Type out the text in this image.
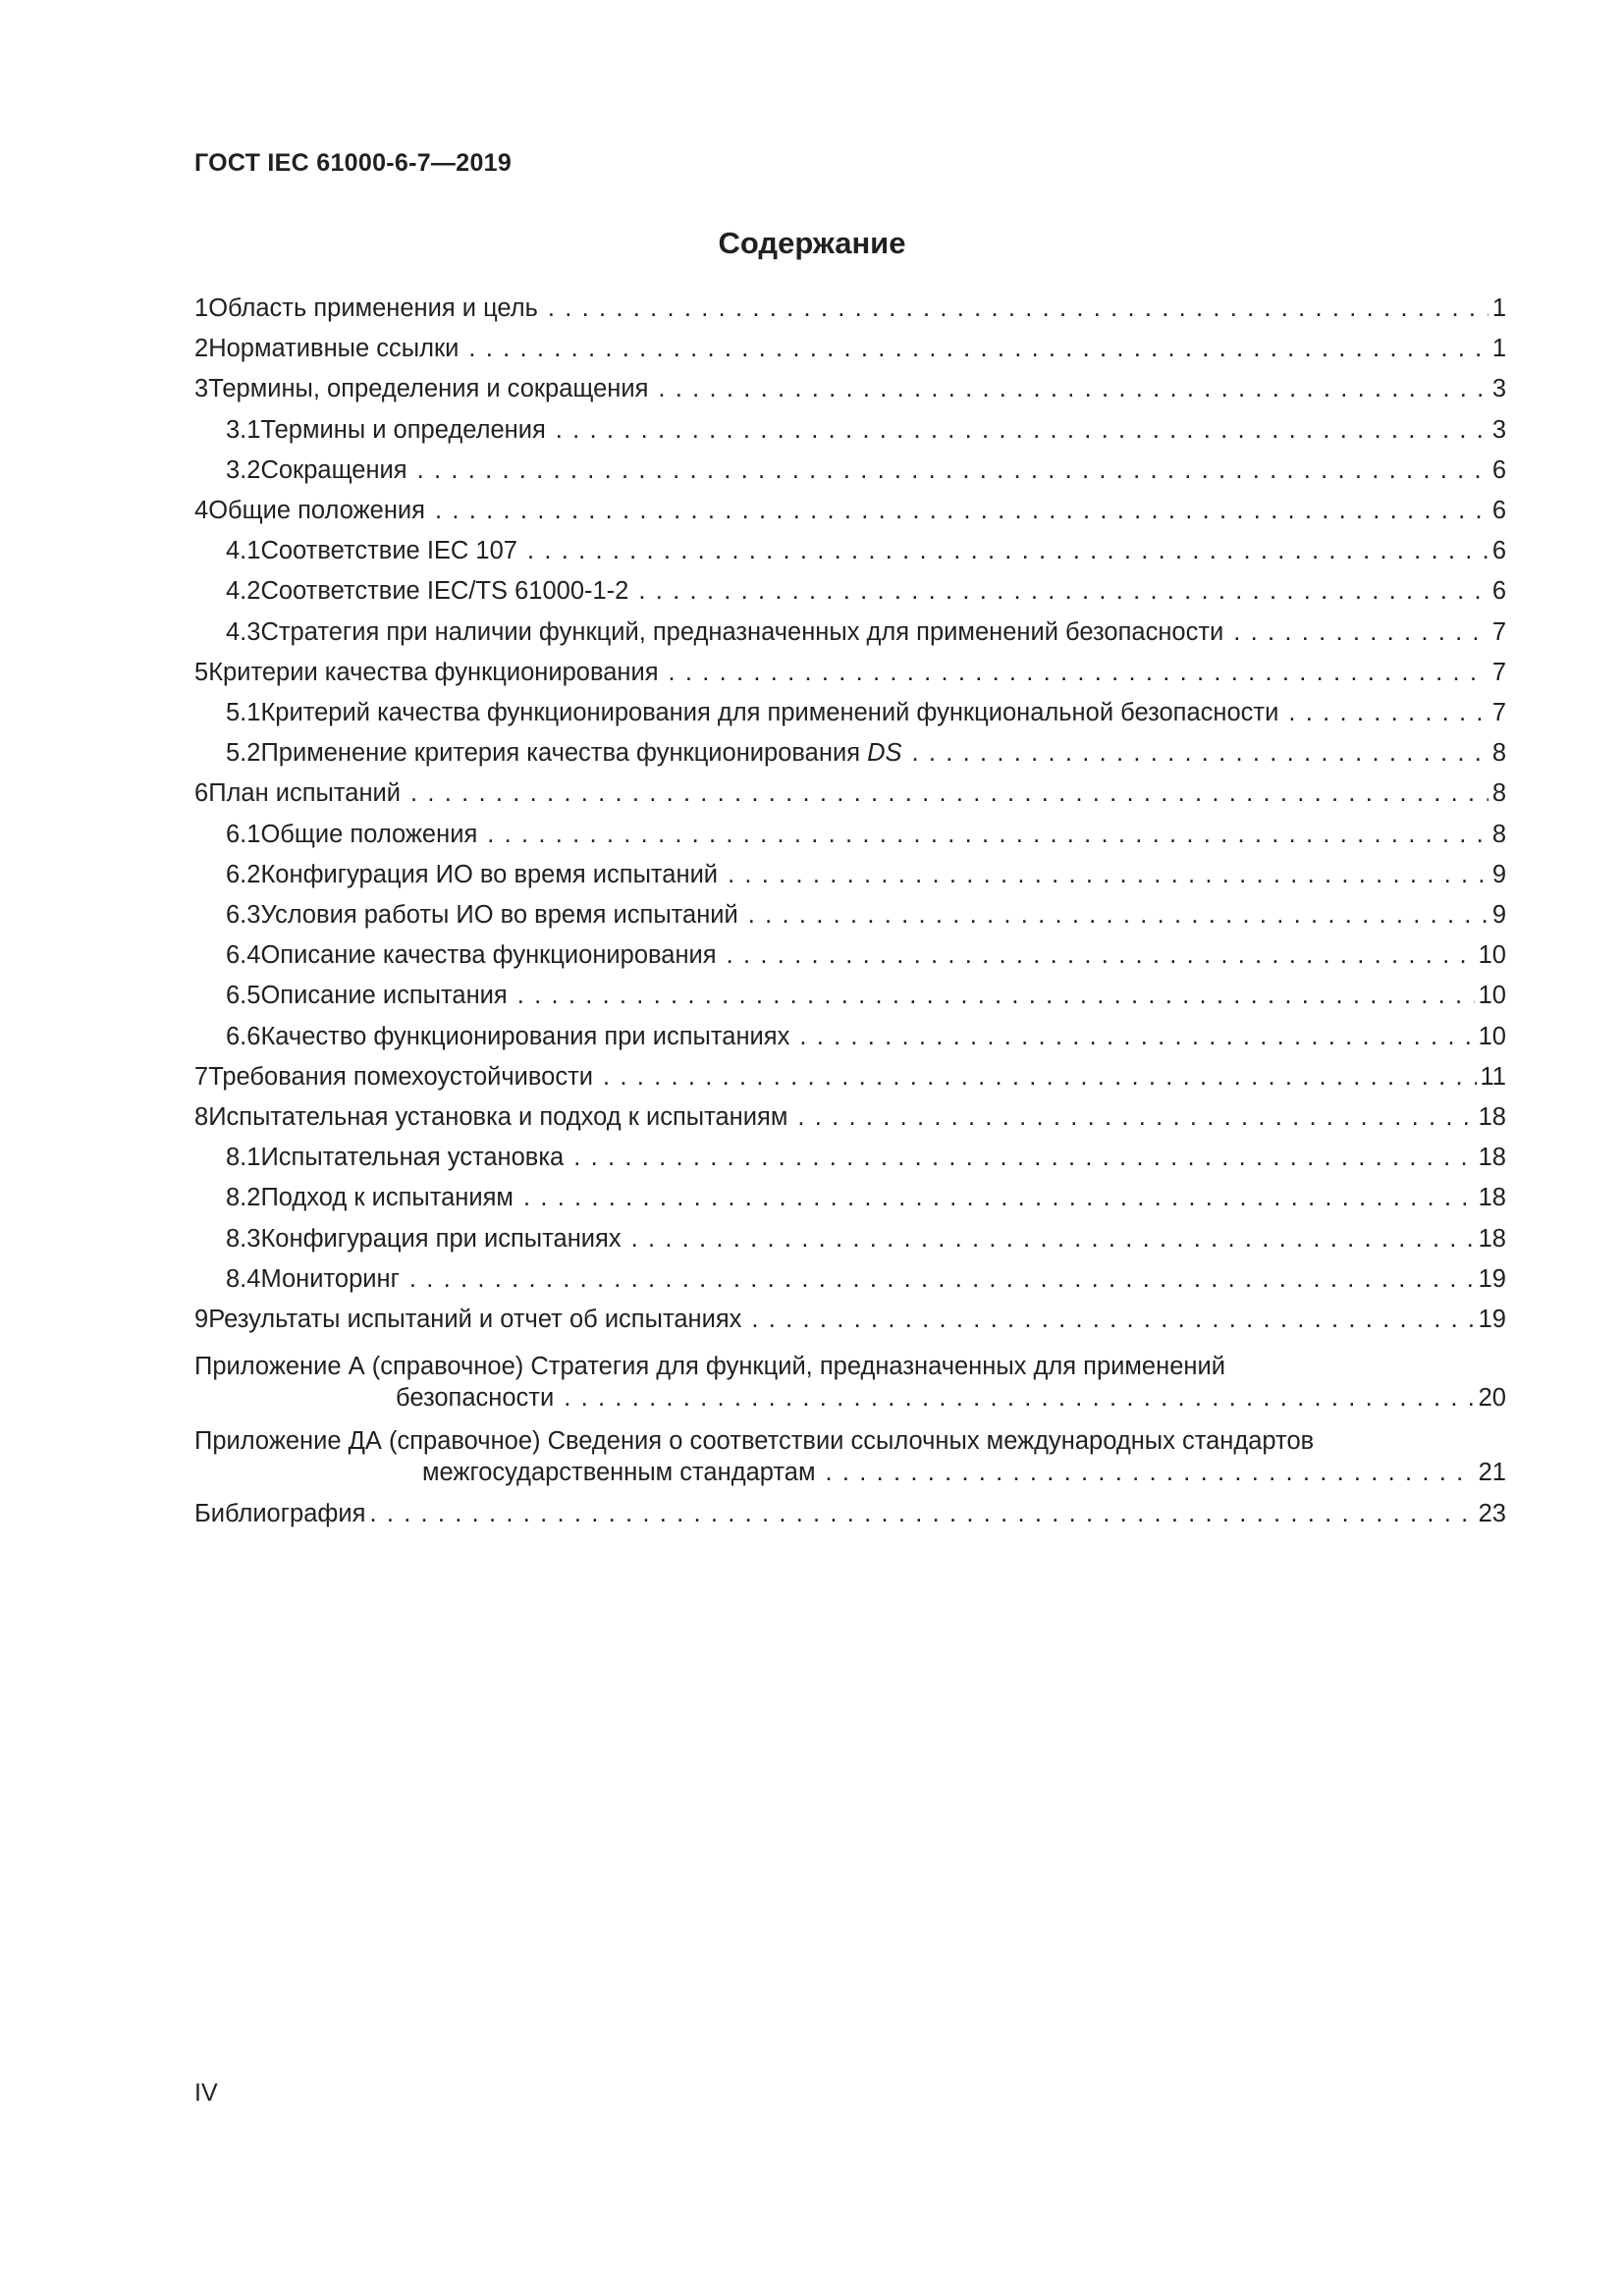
ГОСТ IEC 61000-6-7—2019
Содержание
1 Область применения и цель . . .	1
2 Нормативные ссылки . . .	1
3 Термины, определения и сокращения . . .	3
3.1 Термины и определения . . .	3
3.2 Сокращения . . .	6
4 Общие положения . . .	6
4.1 Соответствие IEC 107 . . .	6
4.2 Соответствие IEC/TS 61000-1-2 . . .	6
4.3 Стратегия при наличии функций, предназначенных для применений безопасности . . .	7
5 Критерии качества функционирования . . .	7
5.1 Критерий качества функционирования для применений функциональной безопасности . . .	7
5.2 Применение критерия качества функционирования DS . . .	8
6 План испытаний . . .	8
6.1 Общие положения . . .	8
6.2 Конфигурация ИО во время испытаний . . .	9
6.3 Условия работы ИО во время испытаний . . .	9
6.4 Описание качества функционирования . . .	10
6.5 Описание испытания . . .	10
6.6 Качество функционирования при испытаниях . . .	10
7 Требования помехоустойчивости . . .	11
8 Испытательная установка и подход к испытаниям . . .	18
8.1 Испытательная установка . . .	18
8.2 Подход к испытаниям . . .	18
8.3 Конфигурация при испытаниях . . .	18
8.4 Мониторинг . . .	19
9 Результаты испытаний и отчет об испытаниях . . .	19
Приложение А (справочное) Стратегия для функций, предназначенных для применений
безопасности . . .	20
Приложение ДА (справочное) Сведения о соответствии ссылочных международных стандартов
межгосударственным стандартам . . .	21
Библиография . . .	23
IV
